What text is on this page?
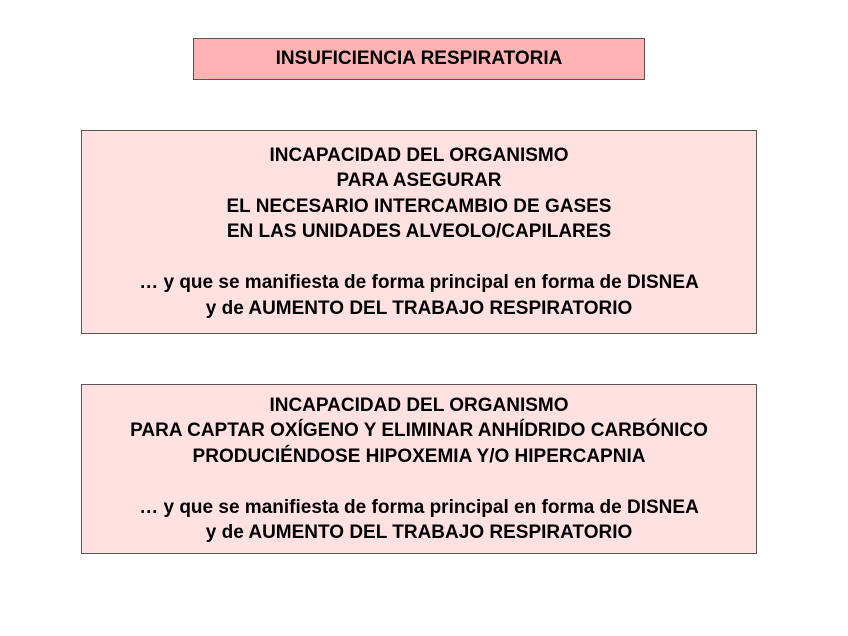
INSUFICIENCIA RESPIRATORIA
INCAPACIDAD DEL ORGANISMO
PARA ASEGURAR
EL NECESARIO INTERCAMBIO DE GASES
EN LAS UNIDADES ALVEOLO/CAPILARES
… y que se manifiesta de forma principal en forma de DISNEA
y de AUMENTO DEL TRABAJO RESPIRATORIO
INCAPACIDAD DEL ORGANISMO
PARA CAPTAR OXÍGENO Y ELIMINAR ANHÍDRIDO CARBÓNICO
PRODUCIÉNDOSE HIPOXEMIA Y/O HIPERCAPNIA
… y que se manifiesta de forma principal en forma de DISNEA
y de AUMENTO DEL TRABAJO RESPIRATORIO
